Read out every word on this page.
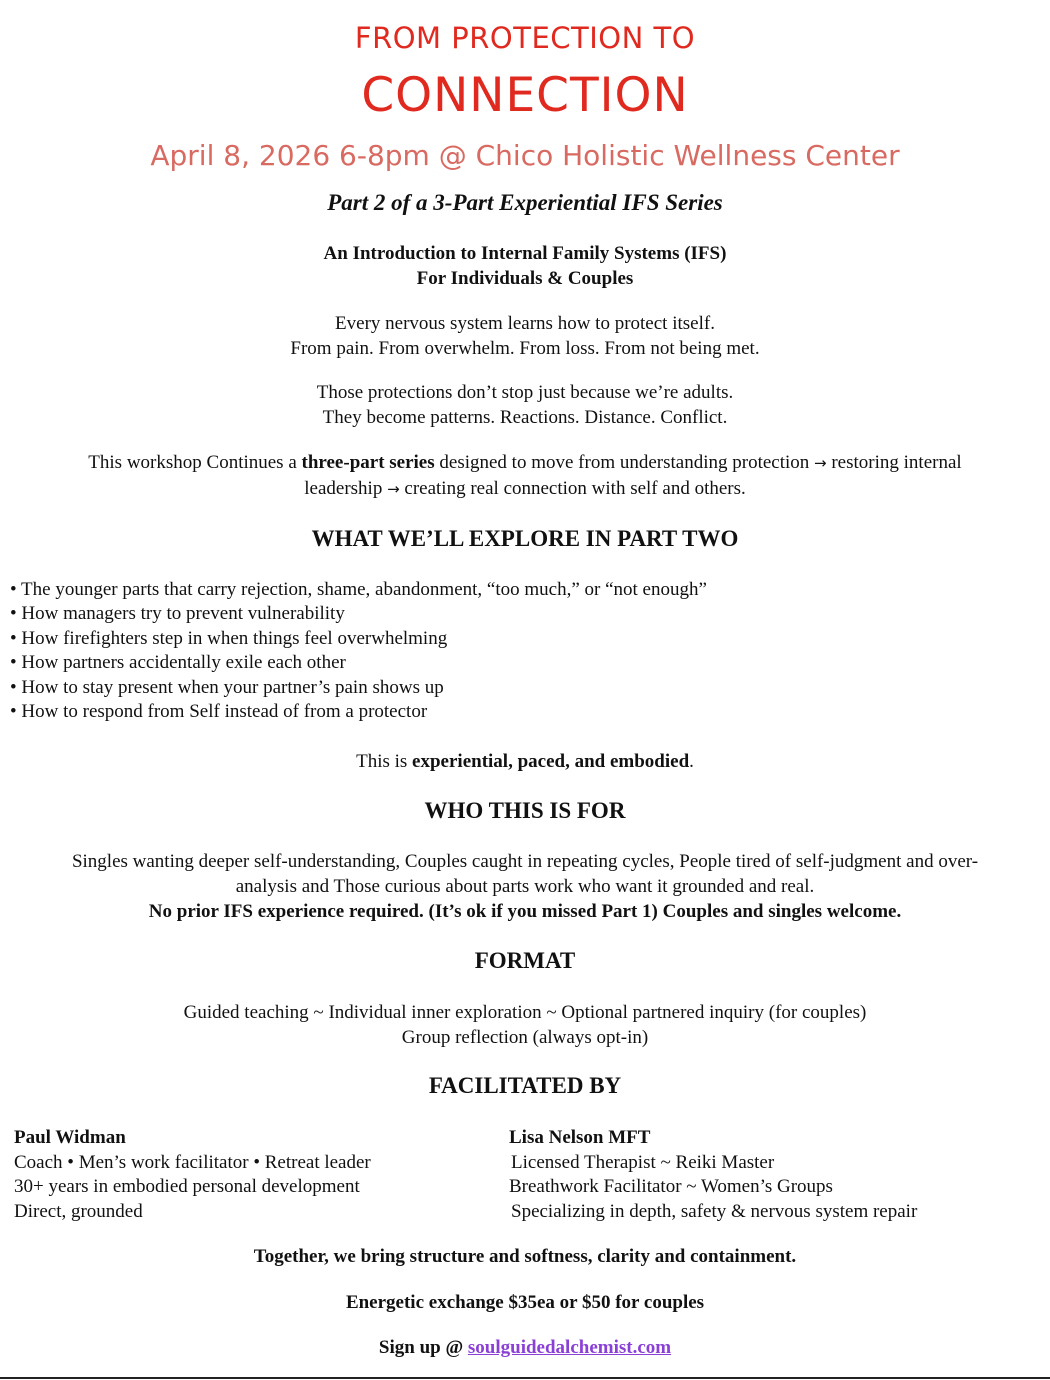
FROM PROTECTION TO
CONNECTION
April 8, 2026 6-8pm @ Chico Holistic Wellness Center
Part 2 of a 3-Part Experiential IFS Series
An Introduction to Internal Family Systems (IFS)
For Individuals & Couples
Every nervous system learns how to protect itself.
From pain. From overwhelm. From loss. From not being met.
Those protections don’t stop just because we’re adults.
They become patterns. Reactions. Distance. Conflict.
This workshop Continues a three-part series designed to move from understanding protection → restoring internal
leadership → creating real connection with self and others.
WHAT WE’LL EXPLORE IN PART TWO
• The younger parts that carry rejection, shame, abandonment, “too much,” or “not enough”
• How managers try to prevent vulnerability
• How firefighters step in when things feel overwhelming
• How partners accidentally exile each other
• How to stay present when your partner’s pain shows up
• How to respond from Self instead of from a protector
This is experiential, paced, and embodied.
WHO THIS IS FOR
Singles wanting deeper self-understanding, Couples caught in repeating cycles, People tired of self-judgment and over-
analysis and Those curious about parts work who want it grounded and real.
No prior IFS experience required. (It’s ok if you missed Part 1) Couples and singles welcome.
FORMAT
Guided teaching ~ Individual inner exploration ~ Optional partnered inquiry (for couples)
Group reflection (always opt-in)
FACILITATED BY
Paul Widman
Coach • Men’s work facilitator • Retreat leader
30+ years in embodied personal development
Direct, grounded
Lisa Nelson MFT
Licensed Therapist ~ Reiki Master
Breathwork Facilitator ~ Women’s Groups
Specializing in depth, safety & nervous system repair
Together, we bring structure and softness, clarity and containment.
Energetic exchange $35ea or $50 for couples
Sign up @ soulguidedalchemist.com
